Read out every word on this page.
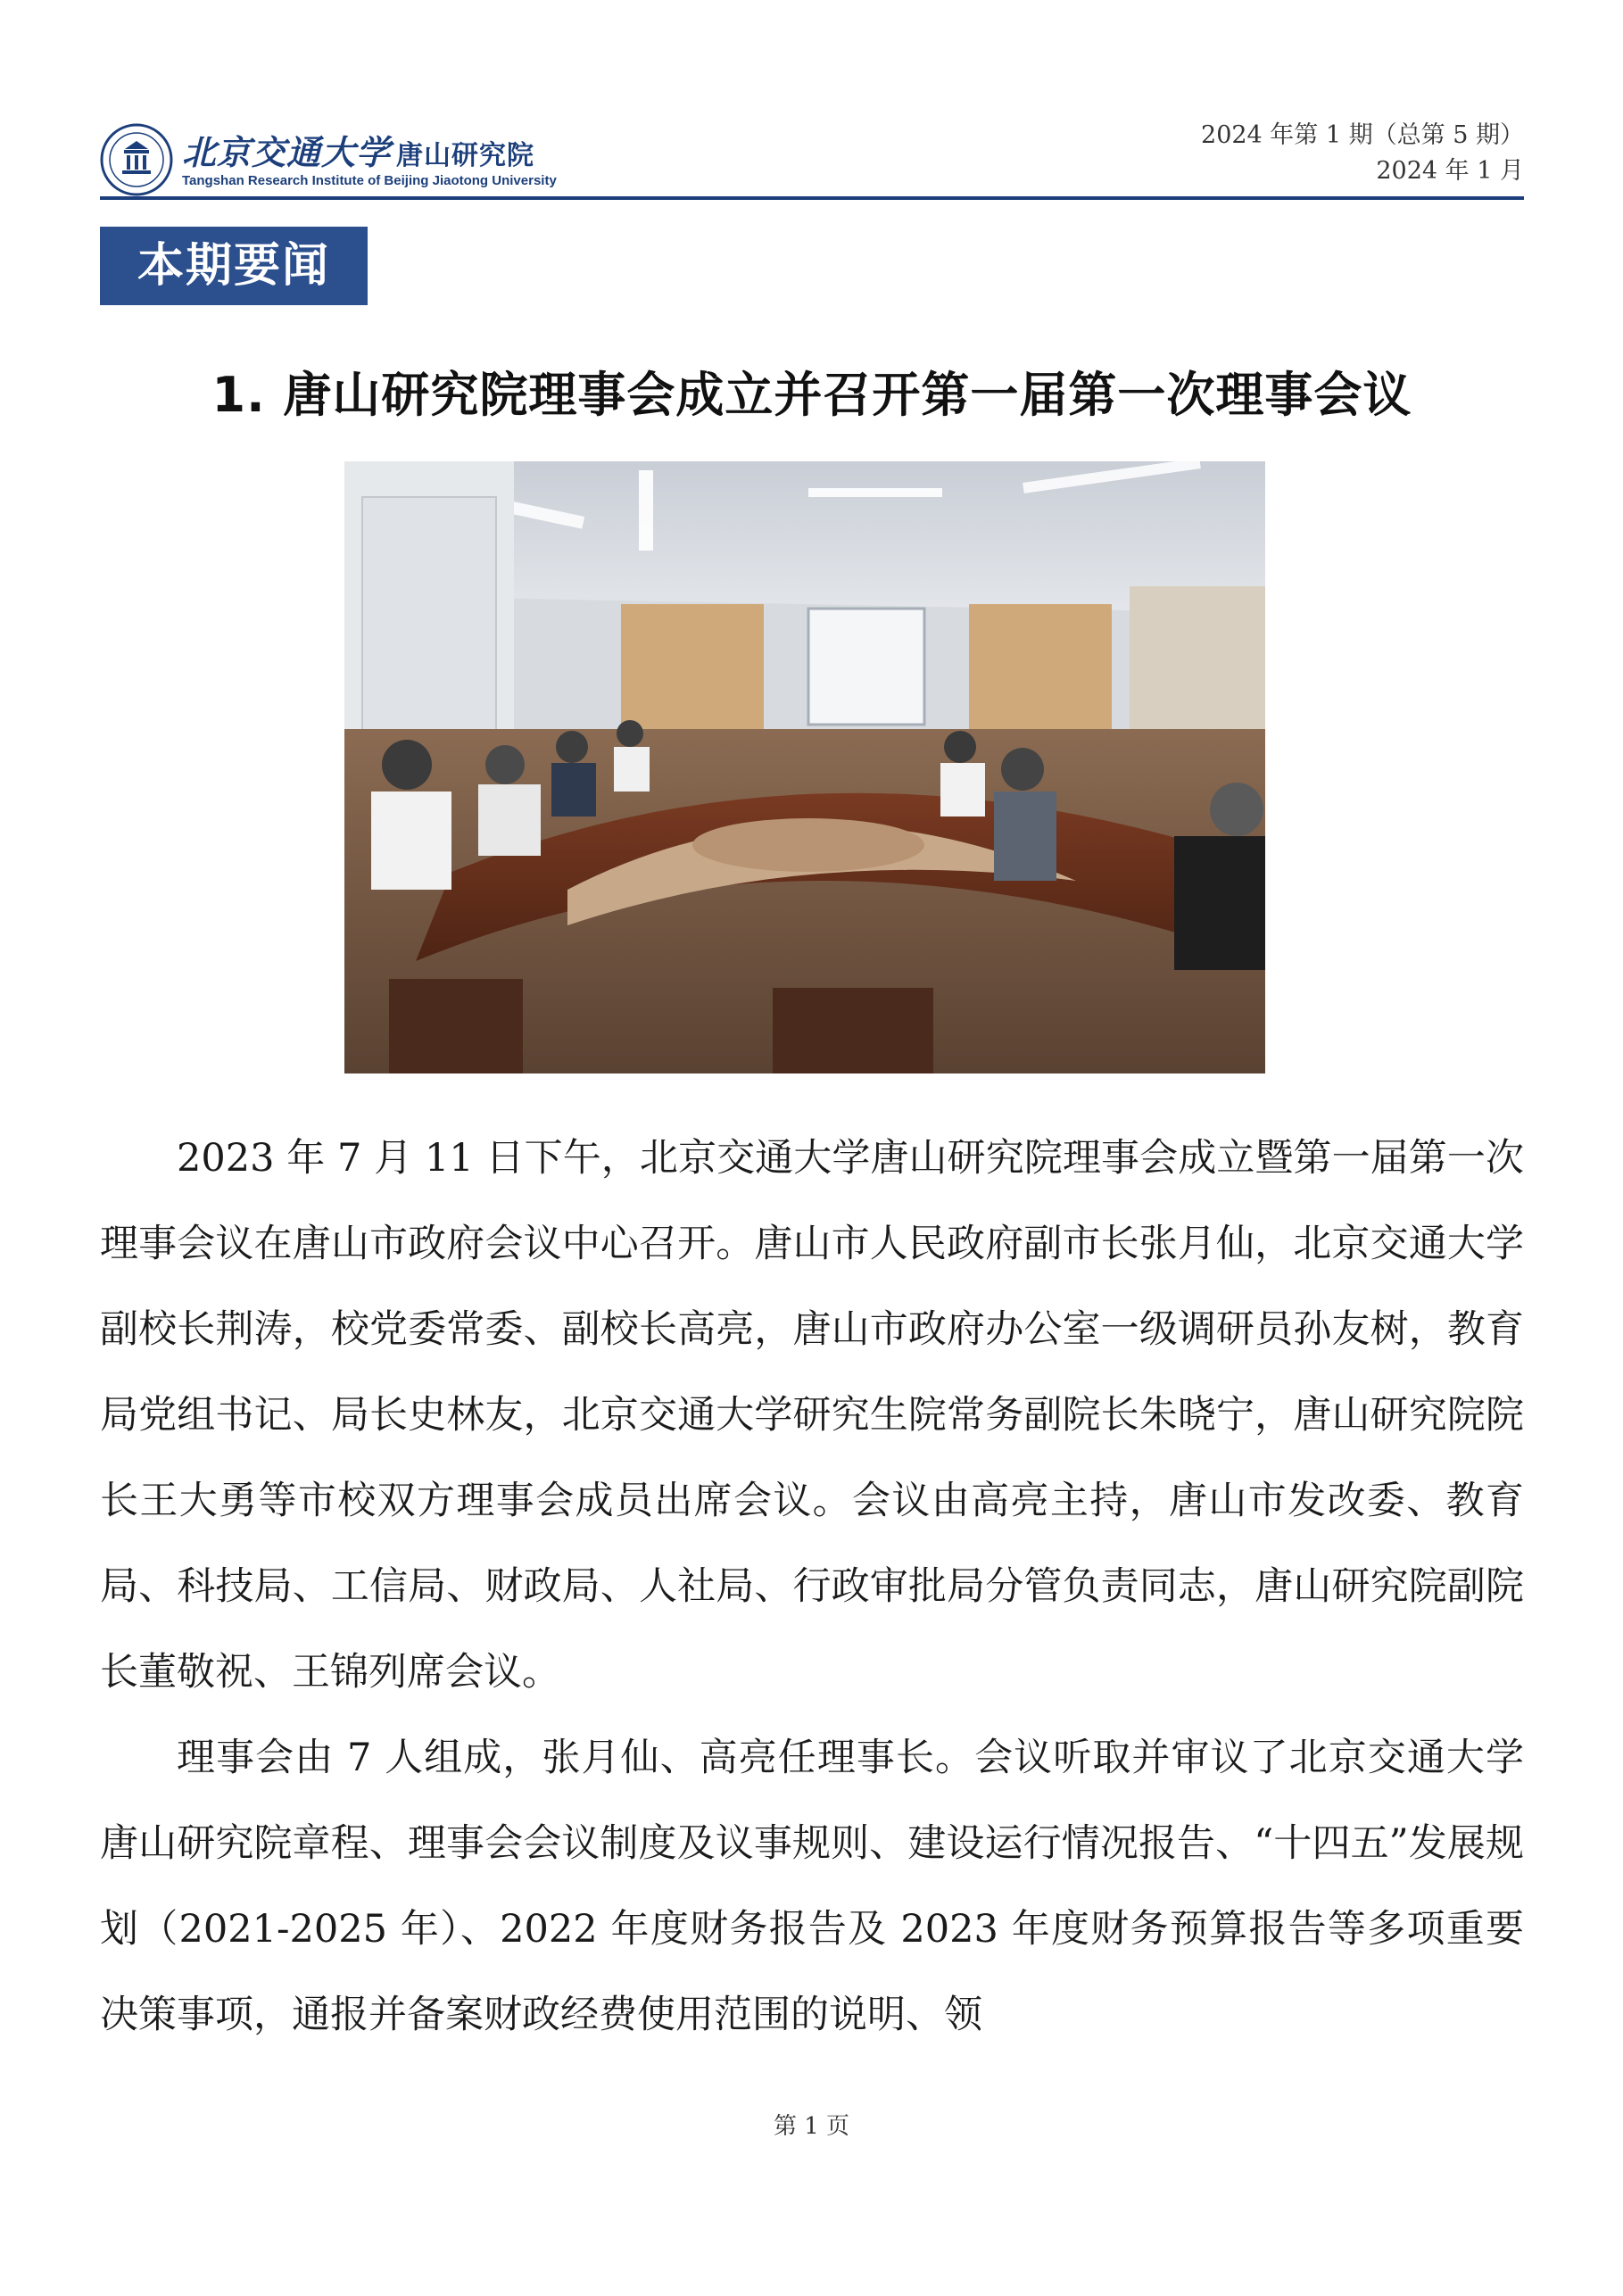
北京交通大学 唐山研究院
Tangshan Research Institute of Beijing Jiaotong University
2024 年第 1 期（总第 5 期）
2024 年 1 月
本期要闻
1. 唐山研究院理事会成立并召开第一届第一次理事会议

2023 年 7 月 11 日下午，北京交通大学唐山研究院理事会成立暨第一届第一次理事会议在唐山市政府会议中心召开。唐山市人民政府副市长张月仙，北京交通大学副校长荆涛，校党委常委、副校长高亮，唐山市政府办公室一级调研员孙友树，教育局党组书记、局长史林友，北京交通大学研究生院常务副院长朱晓宁，唐山研究院院长王大勇等市校双方理事会成员出席会议。会议由高亮主持，唐山市发改委、教育局、科技局、工信局、财政局、人社局、行政审批局分管负责同志，唐山研究院副院长董敬祝、王锦列席会议。

理事会由 7 人组成，张月仙、高亮任理事长。会议听取并审议了北京交通大学唐山研究院章程、理事会会议制度及议事规则、建设运行情况报告、“十四五”发展规划（2021-2025 年）、2022 年度财务报告及 2023 年度财务预算报告等多项重要决策事项，通报并备案财政经费使用范围的说明、领

第 1 页
